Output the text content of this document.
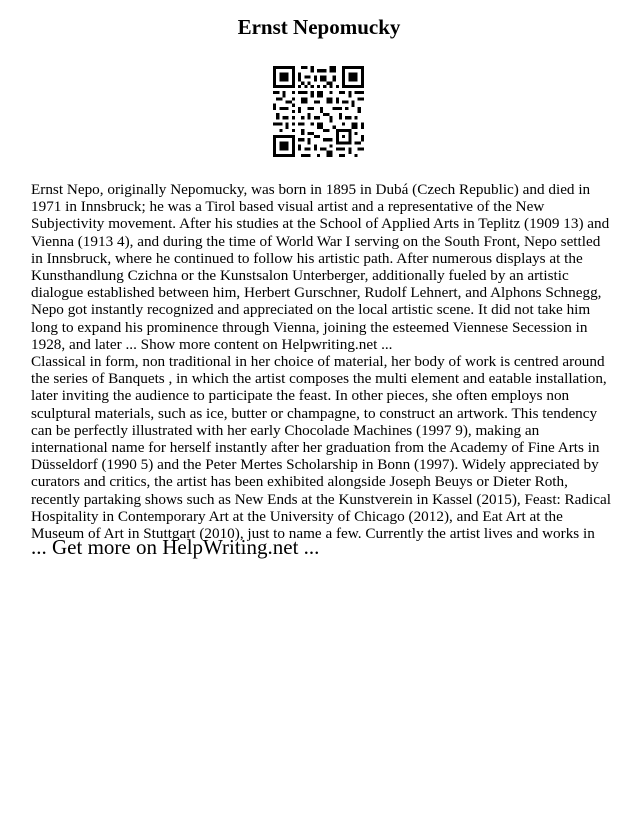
Ernst Nepomucky

Ernst Nepo, originally Nepomucky, was born in 1895 in Dubá (Czech Republic) and died in 1971 in Innsbruck; he was a Tirol based visual artist and a representative of the New Subjectivity movement. After his studies at the School of Applied Arts in Teplitz (1909 13) and Vienna (1913 4), and during the time of World War I serving on the South Front, Nepo settled in Innsbruck, where he continued to follow his artistic path. After numerous displays at the Kunsthandlung Czichna or the Kunstsalon Unterberger, additionally fueled by an artistic dialogue established between him, Herbert Gurschner, Rudolf Lehnert, and Alphons Schnegg, Nepo got instantly recognized and appreciated on the local artistic scene. It did not take him long to expand his prominence through Vienna, joining the esteemed Viennese Secession in 1928, and later ... Show more content on Helpwriting.net ...

Classical in form, non traditional in her choice of material, her body of work is centred around the series of Banquets , in which the artist composes the multi element and eatable installation, later inviting the audience to participate the feast. In other pieces, she often employs non sculptural materials, such as ice, butter or champagne, to construct an artwork. This tendency can be perfectly illustrated with her early Chocolade Machines (1997 9), making an international name for herself instantly after her graduation from the Academy of Fine Arts in Düsseldorf (1990 5) and the Peter Mertes Scholarship in Bonn (1997). Widely appreciated by curators and critics, the artist has been exhibited alongside Joseph Beuys or Dieter Roth, recently partaking shows such as New Ends at the Kunstverein in Kassel (2015), Feast: Radical Hospitality in Contemporary Art at the University of Chicago (2012), and Eat Art at the Museum of Art in Stuttgart (2010), just to name a few. Currently the artist lives and works in

... Get more on HelpWriting.net ...
